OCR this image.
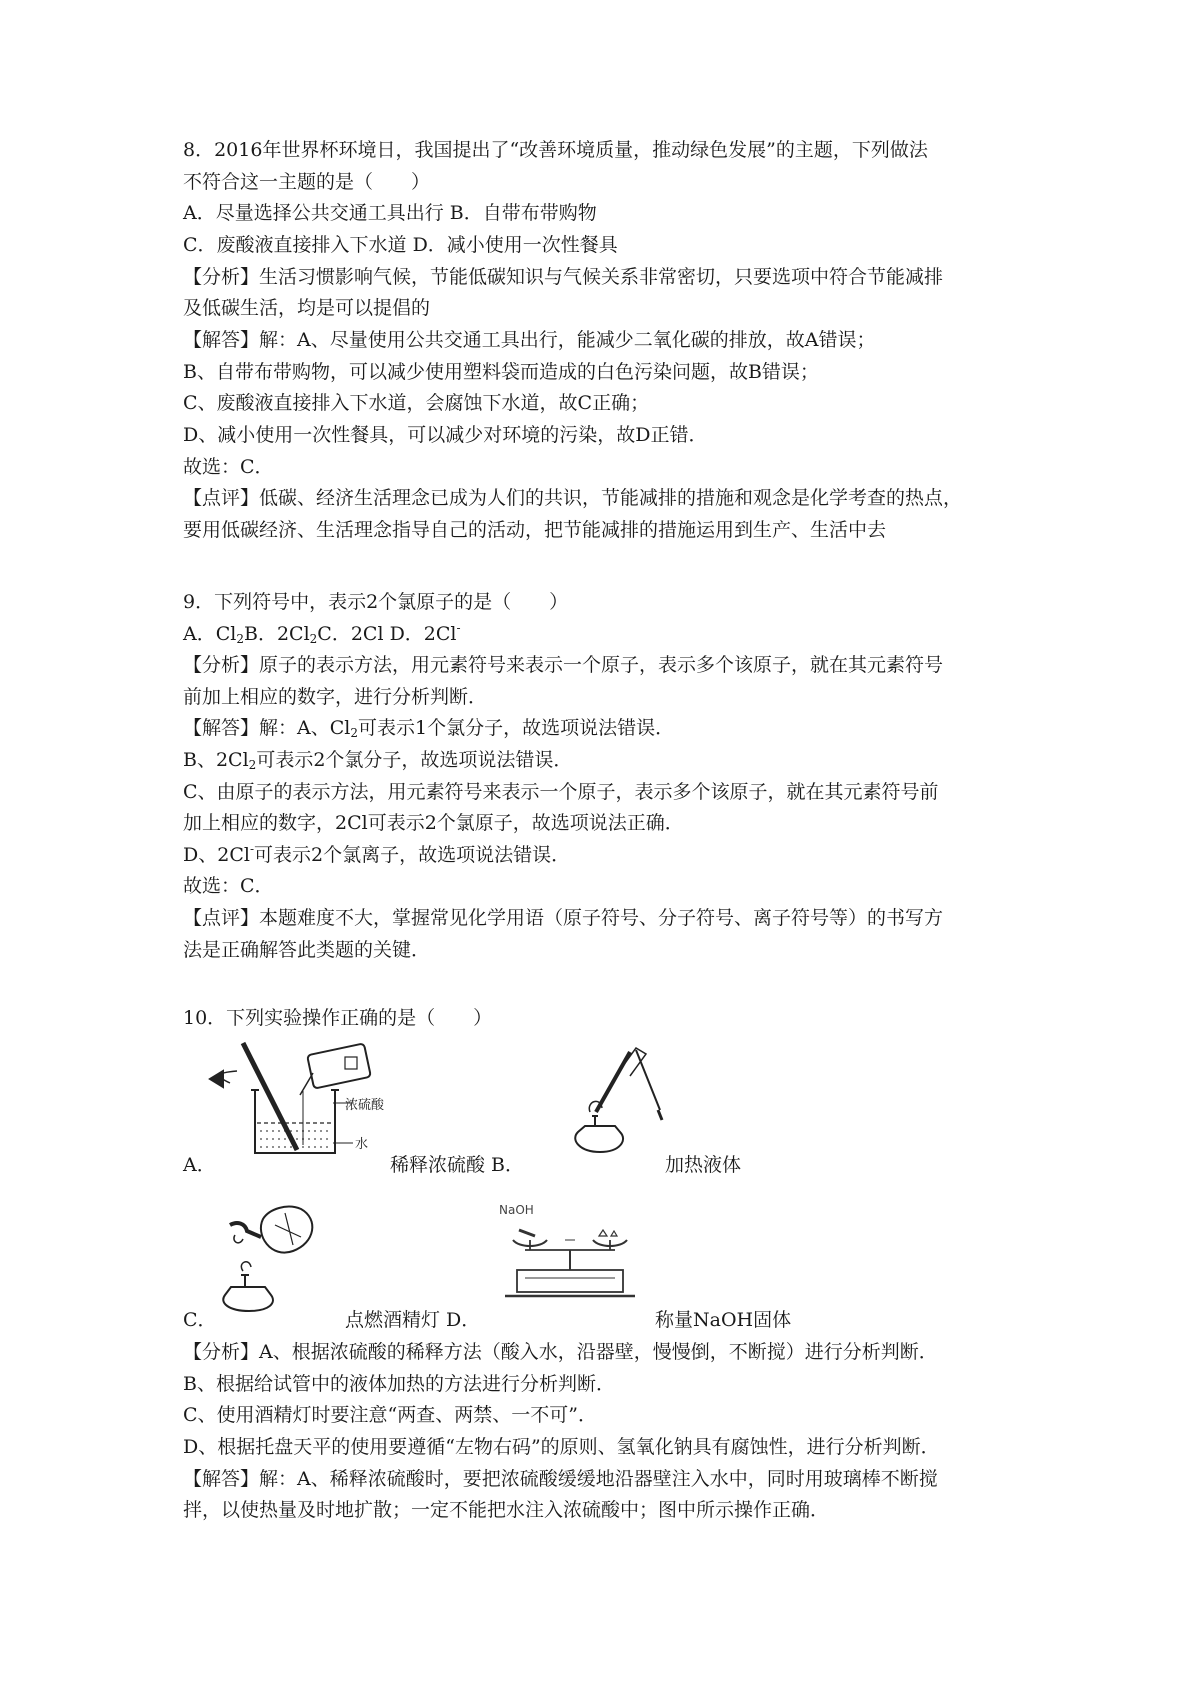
8．2016年世界杯环境日，我国提出了“改善环境质量，推动绿色发展”的主题，下列做法
不符合这一主题的是（　　）
A．尽量选择公共交通工具出行 B．自带布带购物
C．废酸液直接排入下水道 D．减小使用一次性餐具
【分析】生活习惯影响气候，节能低碳知识与气候关系非常密切，只要选项中符合节能减排
及低碳生活，均是可以提倡的
【解答】解：A、尽量使用公共交通工具出行，能减少二氧化碳的排放，故A错误；
B、自带布带购物，可以减少使用塑料袋而造成的白色污染问题，故B错误；
C、废酸液直接排入下水道，会腐蚀下水道，故C正确；
D、减小使用一次性餐具，可以减少对环境的污染，故D正错．
故选：C．
【点评】低碳、经济生活理念已成为人们的共识，节能减排的措施和观念是化学考查的热点，
要用低碳经济、生活理念指导自己的活动，把节能减排的措施运用到生产、生活中去
9．下列符号中，表示2个氯原子的是（　　）
A．$Cl_2B$．$2Cl_2C$．2Cl D．2Cl-
【分析】原子的表示方法，用元素符号来表示一个原子，表示多个该原子，就在其元素符号
前加上相应的数字，进行分析判断．
【解答】解：A、$Cl_2$可表示1个氯分子，故选项说法错误．
B、$2Cl_2$可表示2个氯分子，故选项说法错误．
C、由原子的表示方法，用元素符号来表示一个原子，表示多个该原子，就在其元素符号前
加上相应的数字，2Cl可表示2个氯原子，故选项说法正确．
D、2Cl-可表示2个氯离子，故选项说法错误．
故选：C．
【点评】本题难度不大，掌握常见化学用语（原子符号、分子符号、离子符号等）的书写方
法是正确解答此类题的关键．
10．下列实验操作正确的是（　　）
浓硫酸
水
A．	稀释浓硫酸 B．	加热液体
C．	点燃酒精灯 D．
NaOH
称量NaOH固体
【分析】A、根据浓硫酸的稀释方法（酸入水，沿器壁，慢慢倒，不断搅）进行分析判断．
B、根据给试管中的液体加热的方法进行分析判断．
C、使用酒精灯时要注意“两查、两禁、一不可”．
D、根据托盘天平的使用要遵循“左物右码”的原则、氢氧化钠具有腐蚀性，进行分析判断．
【解答】解：A、稀释浓硫酸时，要把浓硫酸缓缓地沿器壁注入水中，同时用玻璃棒不断搅
拌，以使热量及时地扩散；一定不能把水注入浓硫酸中；图中所示操作正确．
